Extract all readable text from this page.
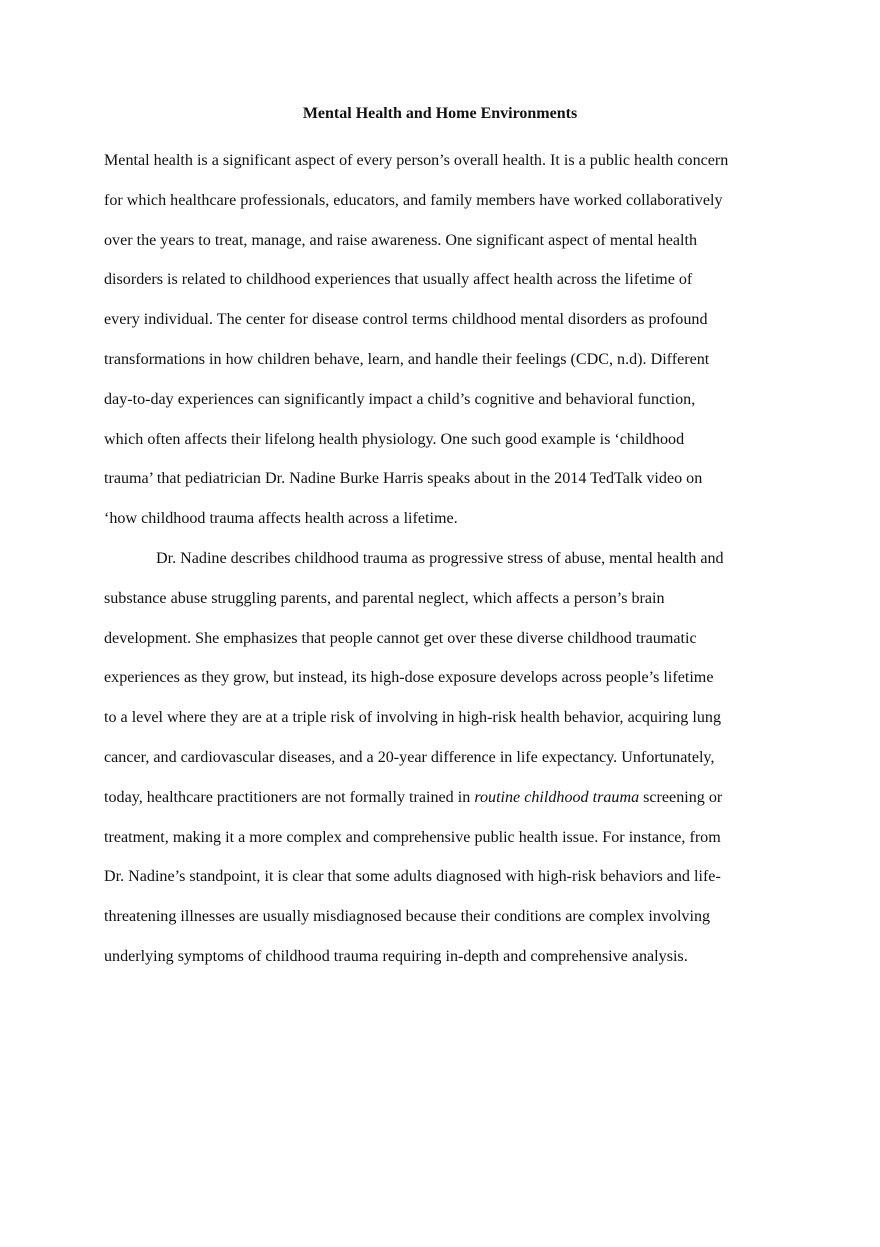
Mental Health and Home Environments

Mental health is a significant aspect of every person’s overall health. It is a public health concern
for which healthcare professionals, educators, and family members have worked collaboratively
over the years to treat, manage, and raise awareness. One significant aspect of mental health
disorders is related to childhood experiences that usually affect health across the lifetime of
every individual. The center for disease control terms childhood mental disorders as profound
transformations in how children behave, learn, and handle their feelings (CDC, n.d). Different
day-to-day experiences can significantly impact a child’s cognitive and behavioral function,
which often affects their lifelong health physiology. One such good example is ‘childhood
trauma’ that pediatrician Dr. Nadine Burke Harris speaks about in the 2014 TedTalk video on
‘how childhood trauma affects health across a lifetime.

Dr. Nadine describes childhood trauma as progressive stress of abuse, mental health and
substance abuse struggling parents, and parental neglect, which affects a person’s brain
development. She emphasizes that people cannot get over these diverse childhood traumatic
experiences as they grow, but instead, its high-dose exposure develops across people’s lifetime
to a level where they are at a triple risk of involving in high-risk health behavior, acquiring lung
cancer, and cardiovascular diseases, and a 20-year difference in life expectancy. Unfortunately,
today, healthcare practitioners are not formally trained in routine childhood trauma screening or
treatment, making it a more complex and comprehensive public health issue. For instance, from
Dr. Nadine’s standpoint, it is clear that some adults diagnosed with high-risk behaviors and life-
threatening illnesses are usually misdiagnosed because their conditions are complex involving
underlying symptoms of childhood trauma requiring in-depth and comprehensive analysis.
